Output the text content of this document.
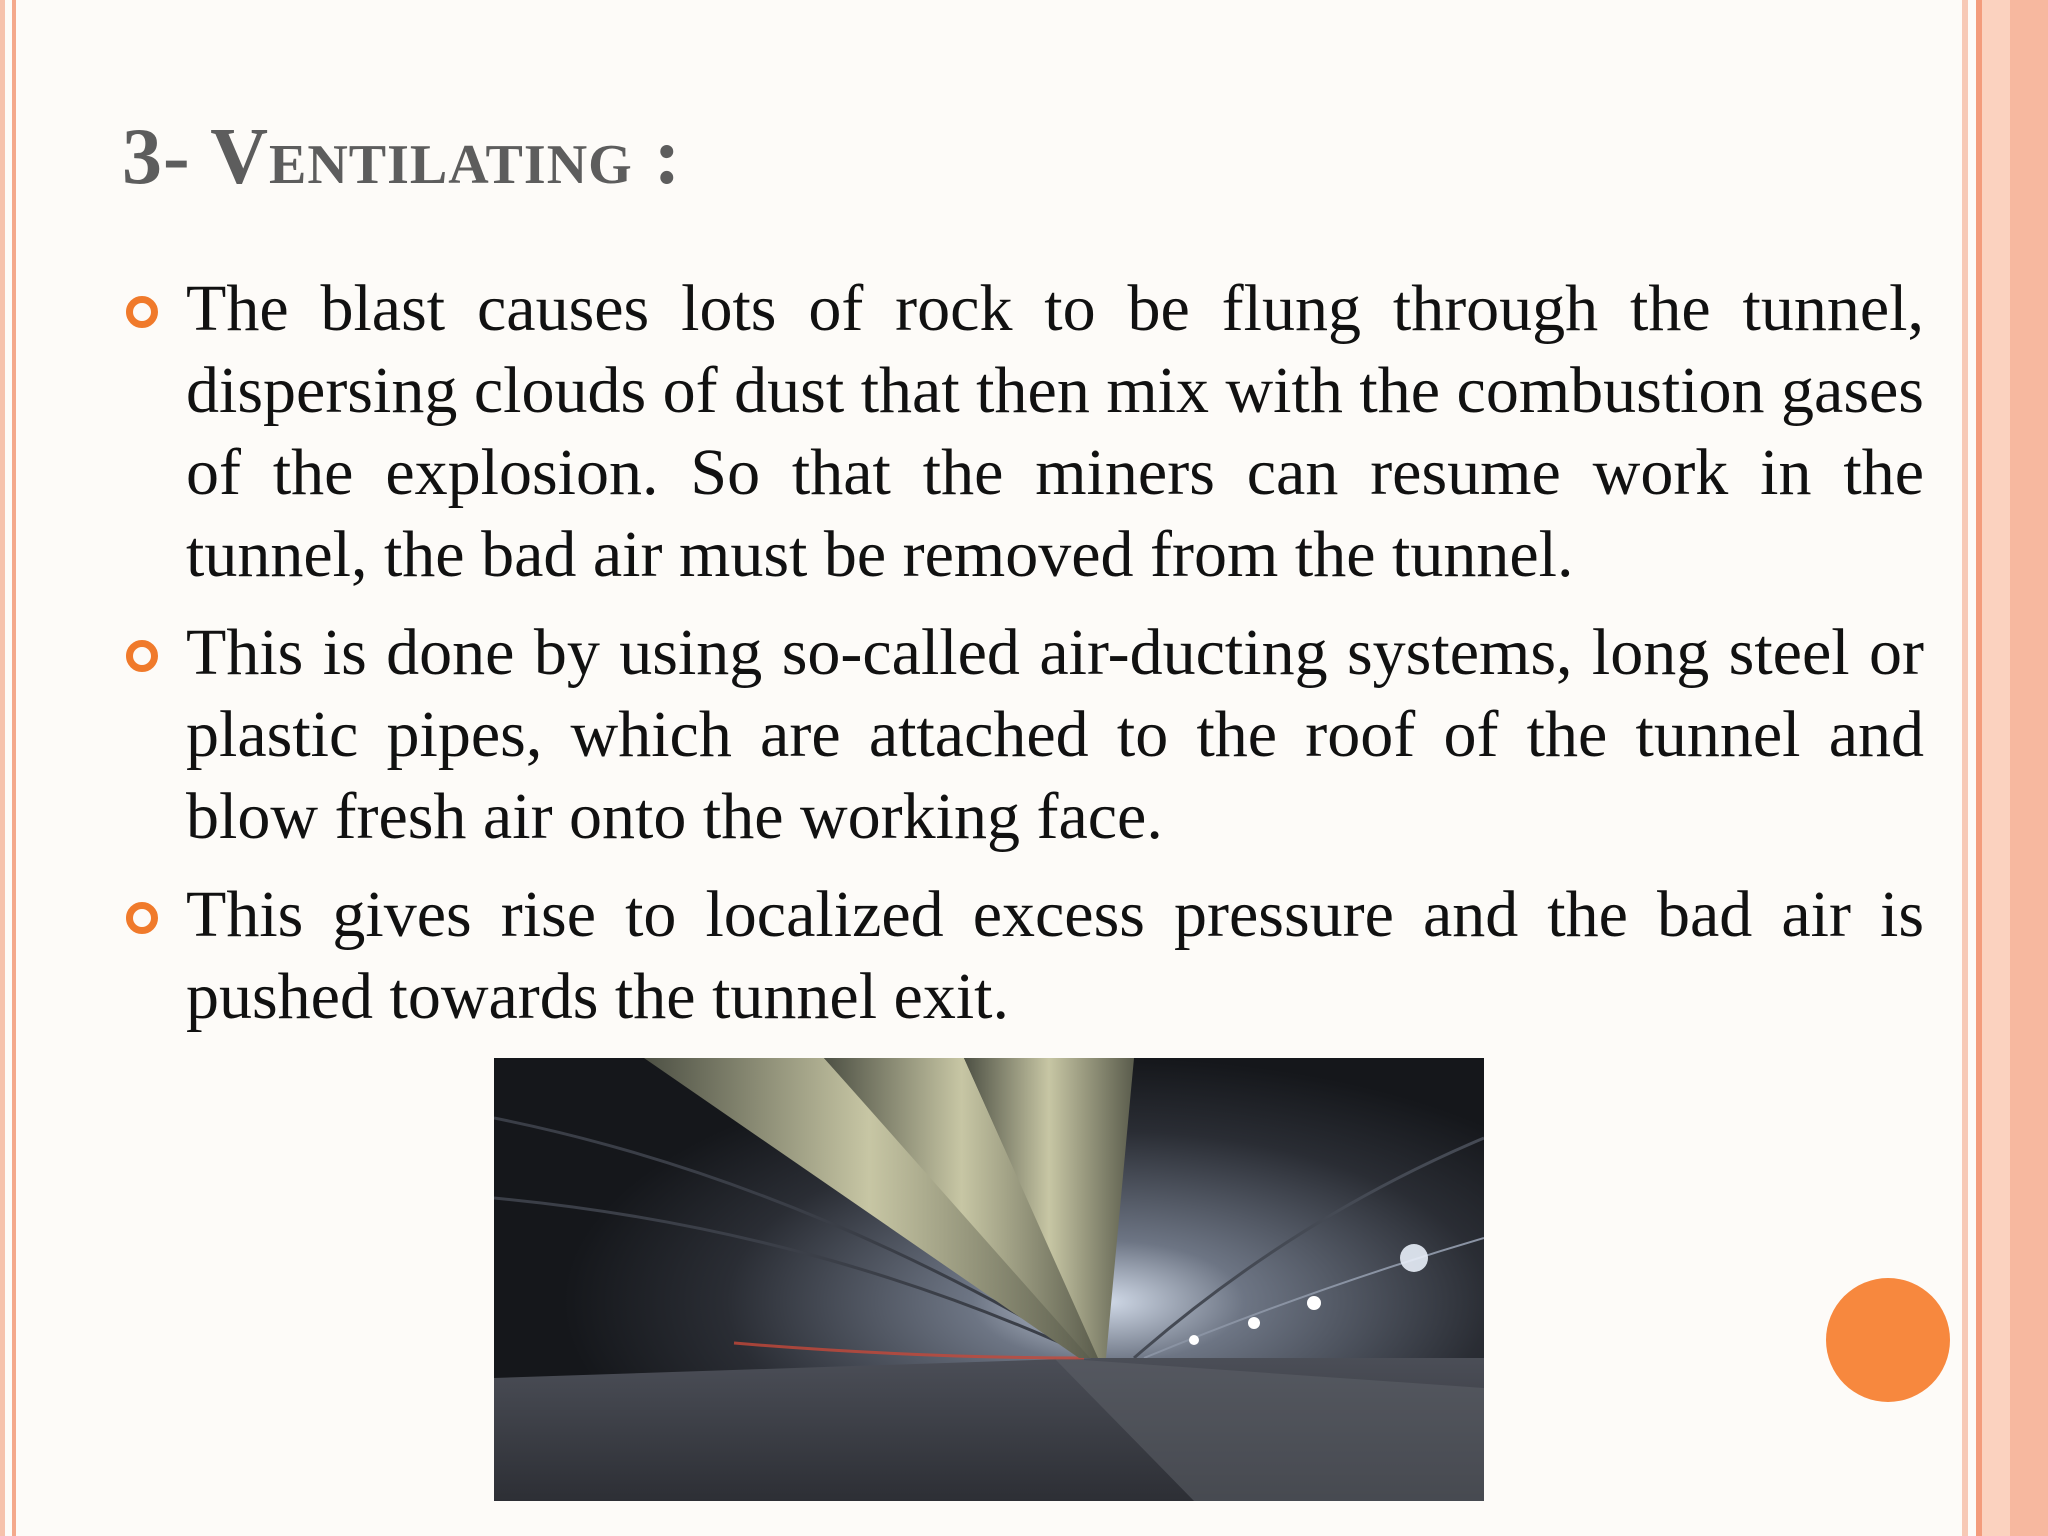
3- Ventilating :
The blast causes lots of rock to be flung through the tunnel, dispersing clouds of dust that then mix with the combustion gases of the explosion. So that the miners can resume work in the tunnel, the bad air must be removed from the tunnel.
This is done by using so-called air-ducting systems, long steel or plastic pipes, which are attached to the roof of the tunnel and blow fresh air onto the working face.
This gives rise to localized excess pressure and the bad air is pushed towards the tunnel exit.
